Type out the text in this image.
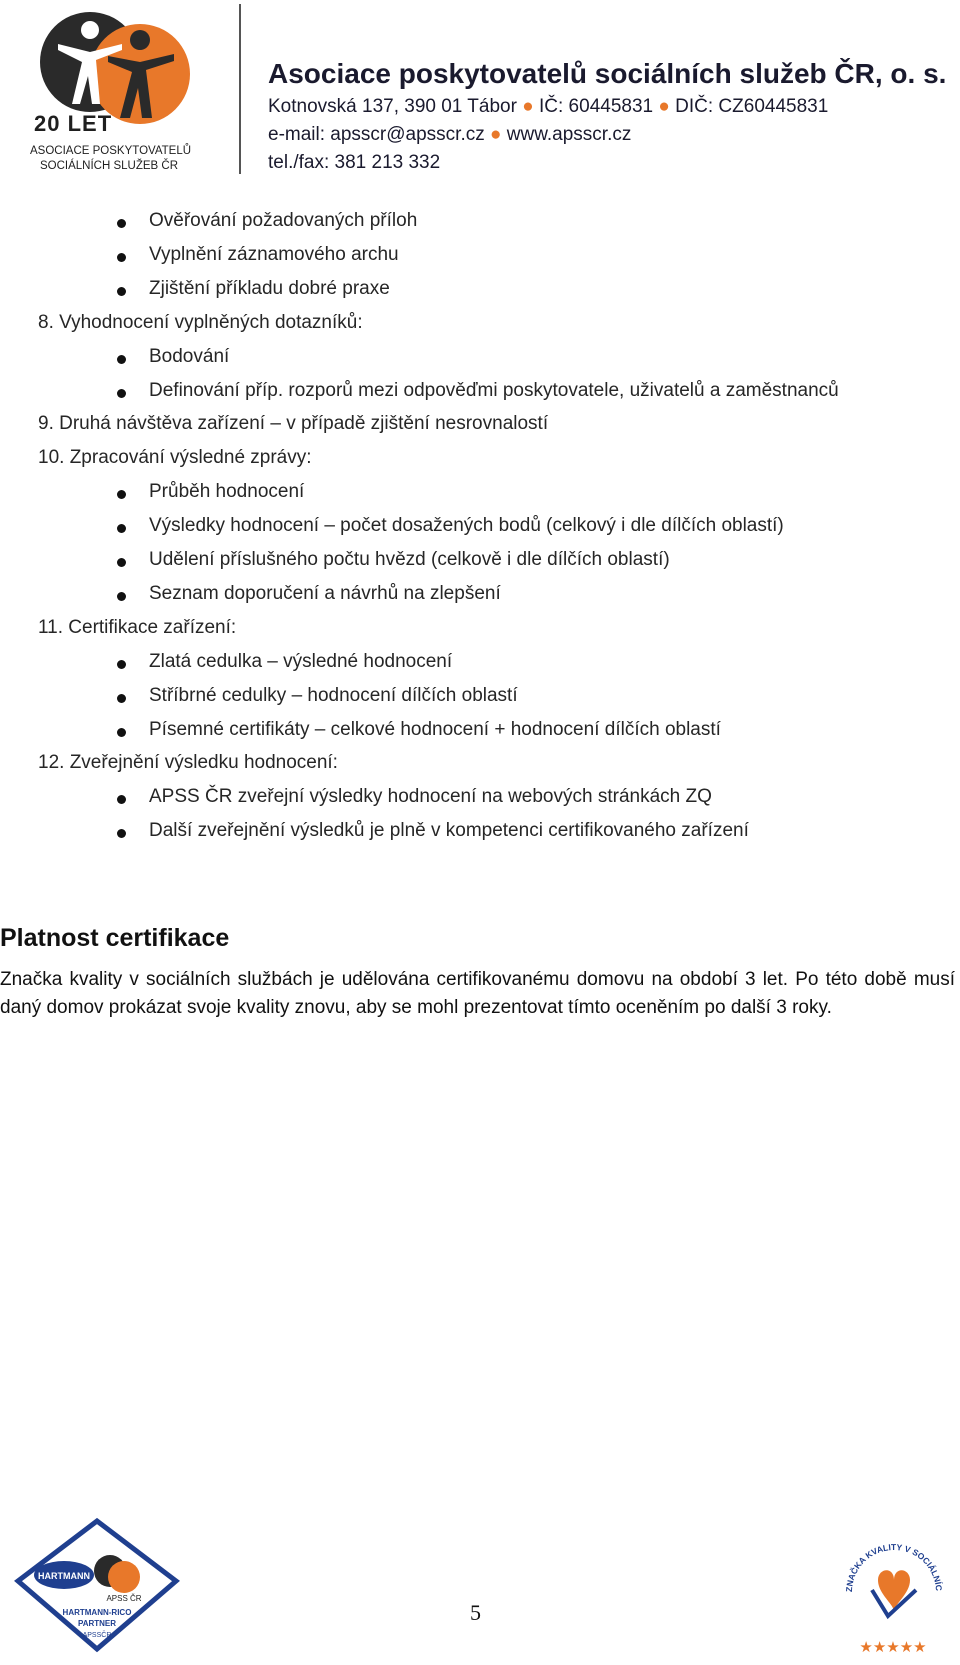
20 LET
ASOCIACE POSKYTOVATELŮ
SOCIÁLNÍCH SLUŽEB ČR
Asociace poskytovatelů sociálních služeb ČR, o. s.
Kotnovská 137, 390 01 Tábor ● IČ: 60445831 ● DIČ: CZ60445831
e-mail: apsscr@apsscr.cz ● www.apsscr.cz
tel./fax: 381 213 332
Ověřování požadovaných příloh
Vyplnění záznamového archu
Zjištění příkladu dobré praxe
8. Vyhodnocení vyplněných dotazníků:
Bodování
Definování příp. rozporů mezi odpověďmi poskytovatele, uživatelů a zaměstnanců
9. Druhá návštěva zařízení – v případě zjištění nesrovnalostí
10. Zpracování výsledné zprávy:
Průběh hodnocení
Výsledky hodnocení – počet dosažených bodů (celkový i dle dílčích oblastí)
Udělení příslušného počtu hvězd (celkově i dle dílčích oblastí)
Seznam doporučení a návrhů na zlepšení
11. Certifikace zařízení:
Zlatá cedulka – výsledné hodnocení
Stříbrné cedulky – hodnocení dílčích oblastí
Písemné certifikáty – celkové hodnocení + hodnocení dílčích oblastí
12. Zveřejnění výsledku hodnocení:
APSS ČR zveřejní výsledky hodnocení na webových stránkách ZQ
Další zveřejnění výsledků je plně v kompetenci certifikovaného zařízení
Platnost certifikace
Značka kvality v sociálních službách je udělována certifikovanému domovu na období 3 let. Po této době musí daný domov prokázat svoje kvality znovu, aby se mohl prezentovat tímto oceněním po další 3 roky.
HARTMANN
APSS ČR
HARTMANN-RICO
PARTNER
APSSČR
5
ZNAČKA KVALITY V SOCIÁLNÍC
★★★★★
